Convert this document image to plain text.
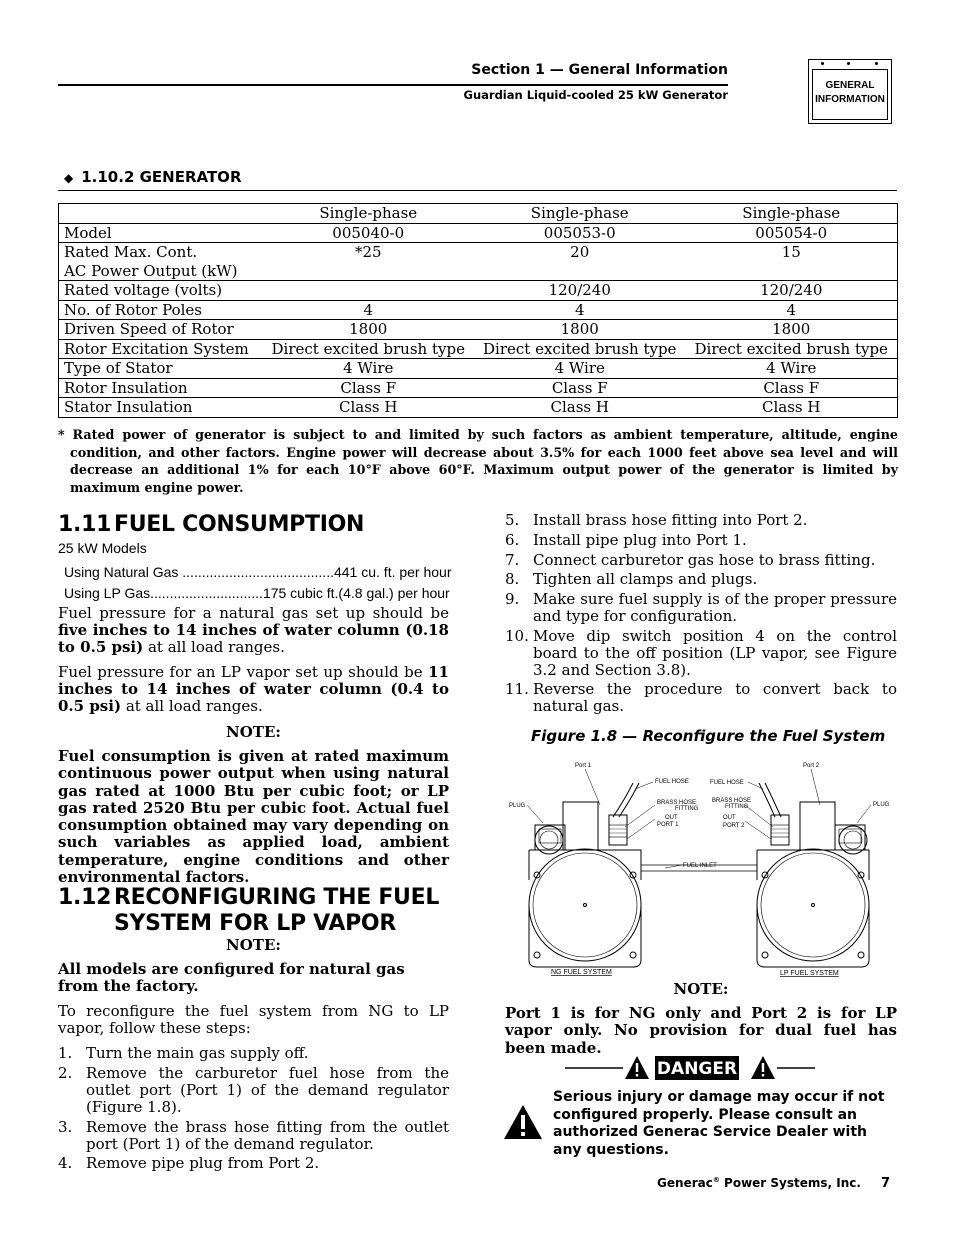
Section 1 — General Information
Guardian Liquid-cooled 25 kW Generator
GENERAL
INFORMATION
◆ 1.10.2 GENERATOR
	Single-phase	Single-phase	Single-phase
Model	005040-0	005053-0	005054-0

Rated Max. Cont.
AC Power Output (kW)	*25	20	15
Rated voltage (volts)		120/240	120/240
No. of Rotor Poles	4	4	4
Driven Speed of Rotor	1800	1800	1800
Rotor Excitation System	Direct excited brush type	Direct excited brush type	Direct excited brush type
Type of Stator	4 Wire	4 Wire	4 Wire
Rotor Insulation	Class F	Class F	Class F
Stator Insulation	Class H	Class H	Class H
* Rated power of generator is subject to and limited by such factors as ambient temperature, altitude, engine condition, and other factors. Engine power will decrease about 3.5% for each 1000 feet above sea level and will decrease an additional 1% for each 10°F above 60°F. Maximum output power of the generator is limited by maximum engine power.
1.11 FUEL CONSUMPTION
25 kW Models
Using Natural Gas .......................................441 cu. ft. per hour
Using LP Gas.............................175 cubic ft.(4.8 gal.) per hour
Fuel pressure for a natural gas set up should be five inches to 14 inches of water column (0.18 to 0.5 psi) at all load ranges.
Fuel pressure for an LP vapor set up should be 11 inches to 14 inches of water column (0.4 to 0.5 psi) at all load ranges.
NOTE:
Fuel consumption is given at rated maximum continuous power output when using natural gas rated at 1000 Btu per cubic foot; or LP gas rated 2520 Btu per cubic foot. Actual fuel consumption obtained may vary depending on such variables as applied load, ambient temperature, engine conditions and other environmental factors.
1.12 RECONFIGURING THE FUEL
SYSTEM FOR LP VAPOR
NOTE:
All models are configured for natural gas from the factory.
To reconfigure the fuel system from NG to LP vapor, follow these steps:
1. Turn the main gas supply off.
2. Remove the carburetor fuel hose from the outlet port (Port 1) of the demand regulator (Figure 1.8).
3. Remove the brass hose fitting from the outlet port (Port 1) of the demand regulator.
4. Remove pipe plug from Port 2.
5. Install brass hose fitting into Port 2.
6. Install pipe plug into Port 1.
7. Connect carburetor gas hose to brass fitting.
8. Tighten all clamps and plugs.
9. Make sure fuel supply is of the proper pressure and type for configuration.
10. Move dip switch position 4 on the control board to the off position (LP vapor, see Figure 3.2 and Section 3.8).
11. Reverse the procedure to convert back to natural gas.
Figure 1.8 — Reconfigure the Fuel System
Port 1	Port 2
FUEL HOSE	FUEL HOSE
PLUG	PLUG
BRASS HOSE
FITTING
BRASS HOSE
FITTING
OUT
PORT 1
OUT
PORT 2
FUEL INLET
NG FUEL SYSTEM	LP FUEL SYSTEM
NOTE:
Port 1 is for NG only and Port 2 is for LP vapor only. No provision for dual fuel has been made.
DANGER
Serious injury or damage may occur if not configured properly. Please consult an authorized Generac Service Dealer with any questions.
Generac® Power Systems, Inc. 7
